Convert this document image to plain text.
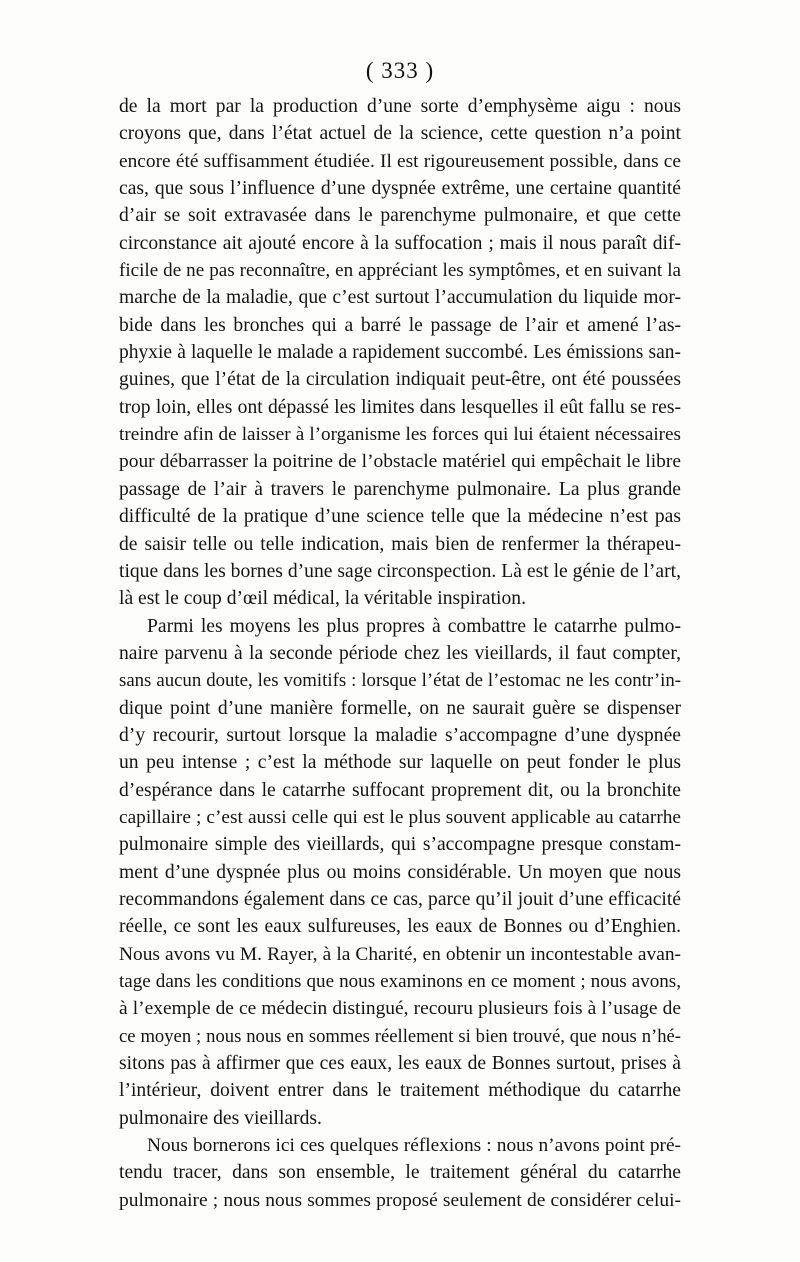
( 333 )
de la mort par la production d’une sorte d’emphysème aigu : nous
croyons que, dans l’état actuel de la science, cette question n’a point
encore été suffisamment étudiée. Il est rigoureusement possible, dans ce
cas, que sous l’influence d’une dyspnée extrême, une certaine quantité
d’air se soit extravasée dans le parenchyme pulmonaire, et que cette
circonstance ait ajouté encore à la suffocation ; mais il nous paraît dif-
ficile de ne pas reconnaître, en appréciant les symptômes, et en suivant la
marche de la maladie, que c’est surtout l’accumulation du liquide mor-
bide dans les bronches qui a barré le passage de l’air et amené l’as-
phyxie à laquelle le malade a rapidement succombé. Les émissions san-
guines, que l’état de la circulation indiquait peut-être, ont été poussées
trop loin, elles ont dépassé les limites dans lesquelles il eût fallu se res-
treindre afin de laisser à l’organisme les forces qui lui étaient nécessaires
pour débarrasser la poitrine de l’obstacle matériel qui empêchait le libre
passage de l’air à travers le parenchyme pulmonaire. La plus grande
difficulté de la pratique d’une science telle que la médecine n’est pas
de saisir telle ou telle indication, mais bien de renfermer la thérapeu-
tique dans les bornes d’une sage circonspection. Là est le génie de l’art,
là est le coup d’œil médical, la véritable inspiration.
Parmi les moyens les plus propres à combattre le catarrhe pulmo-
naire parvenu à la seconde période chez les vieillards, il faut compter,
sans aucun doute, les vomitifs : lorsque l’état de l’estomac ne les contr’in-
dique point d’une manière formelle, on ne saurait guère se dispenser
d’y recourir, surtout lorsque la maladie s’accompagne d’une dyspnée
un peu intense ; c’est la méthode sur laquelle on peut fonder le plus
d’espérance dans le catarrhe suffocant proprement dit, ou la bronchite
capillaire ; c’est aussi celle qui est le plus souvent applicable au catarrhe
pulmonaire simple des vieillards, qui s’accompagne presque constam-
ment d’une dyspnée plus ou moins considérable. Un moyen que nous
recommandons également dans ce cas, parce qu’il jouit d’une efficacité
réelle, ce sont les eaux sulfureuses, les eaux de Bonnes ou d’Enghien.
Nous avons vu M. Rayer, à la Charité, en obtenir un incontestable avan-
tage dans les conditions que nous examinons en ce moment ; nous avons,
à l’exemple de ce médecin distingué, recouru plusieurs fois à l’usage de
ce moyen ; nous nous en sommes réellement si bien trouvé, que nous n’hé-
sitons pas à affirmer que ces eaux, les eaux de Bonnes surtout, prises à
l’intérieur, doivent entrer dans le traitement méthodique du catarrhe
pulmonaire des vieillards.
Nous bornerons ici ces quelques réflexions : nous n’avons point pré-
tendu tracer, dans son ensemble, le traitement général du catarrhe
pulmonaire ; nous nous sommes proposé seulement de considérer celui-
